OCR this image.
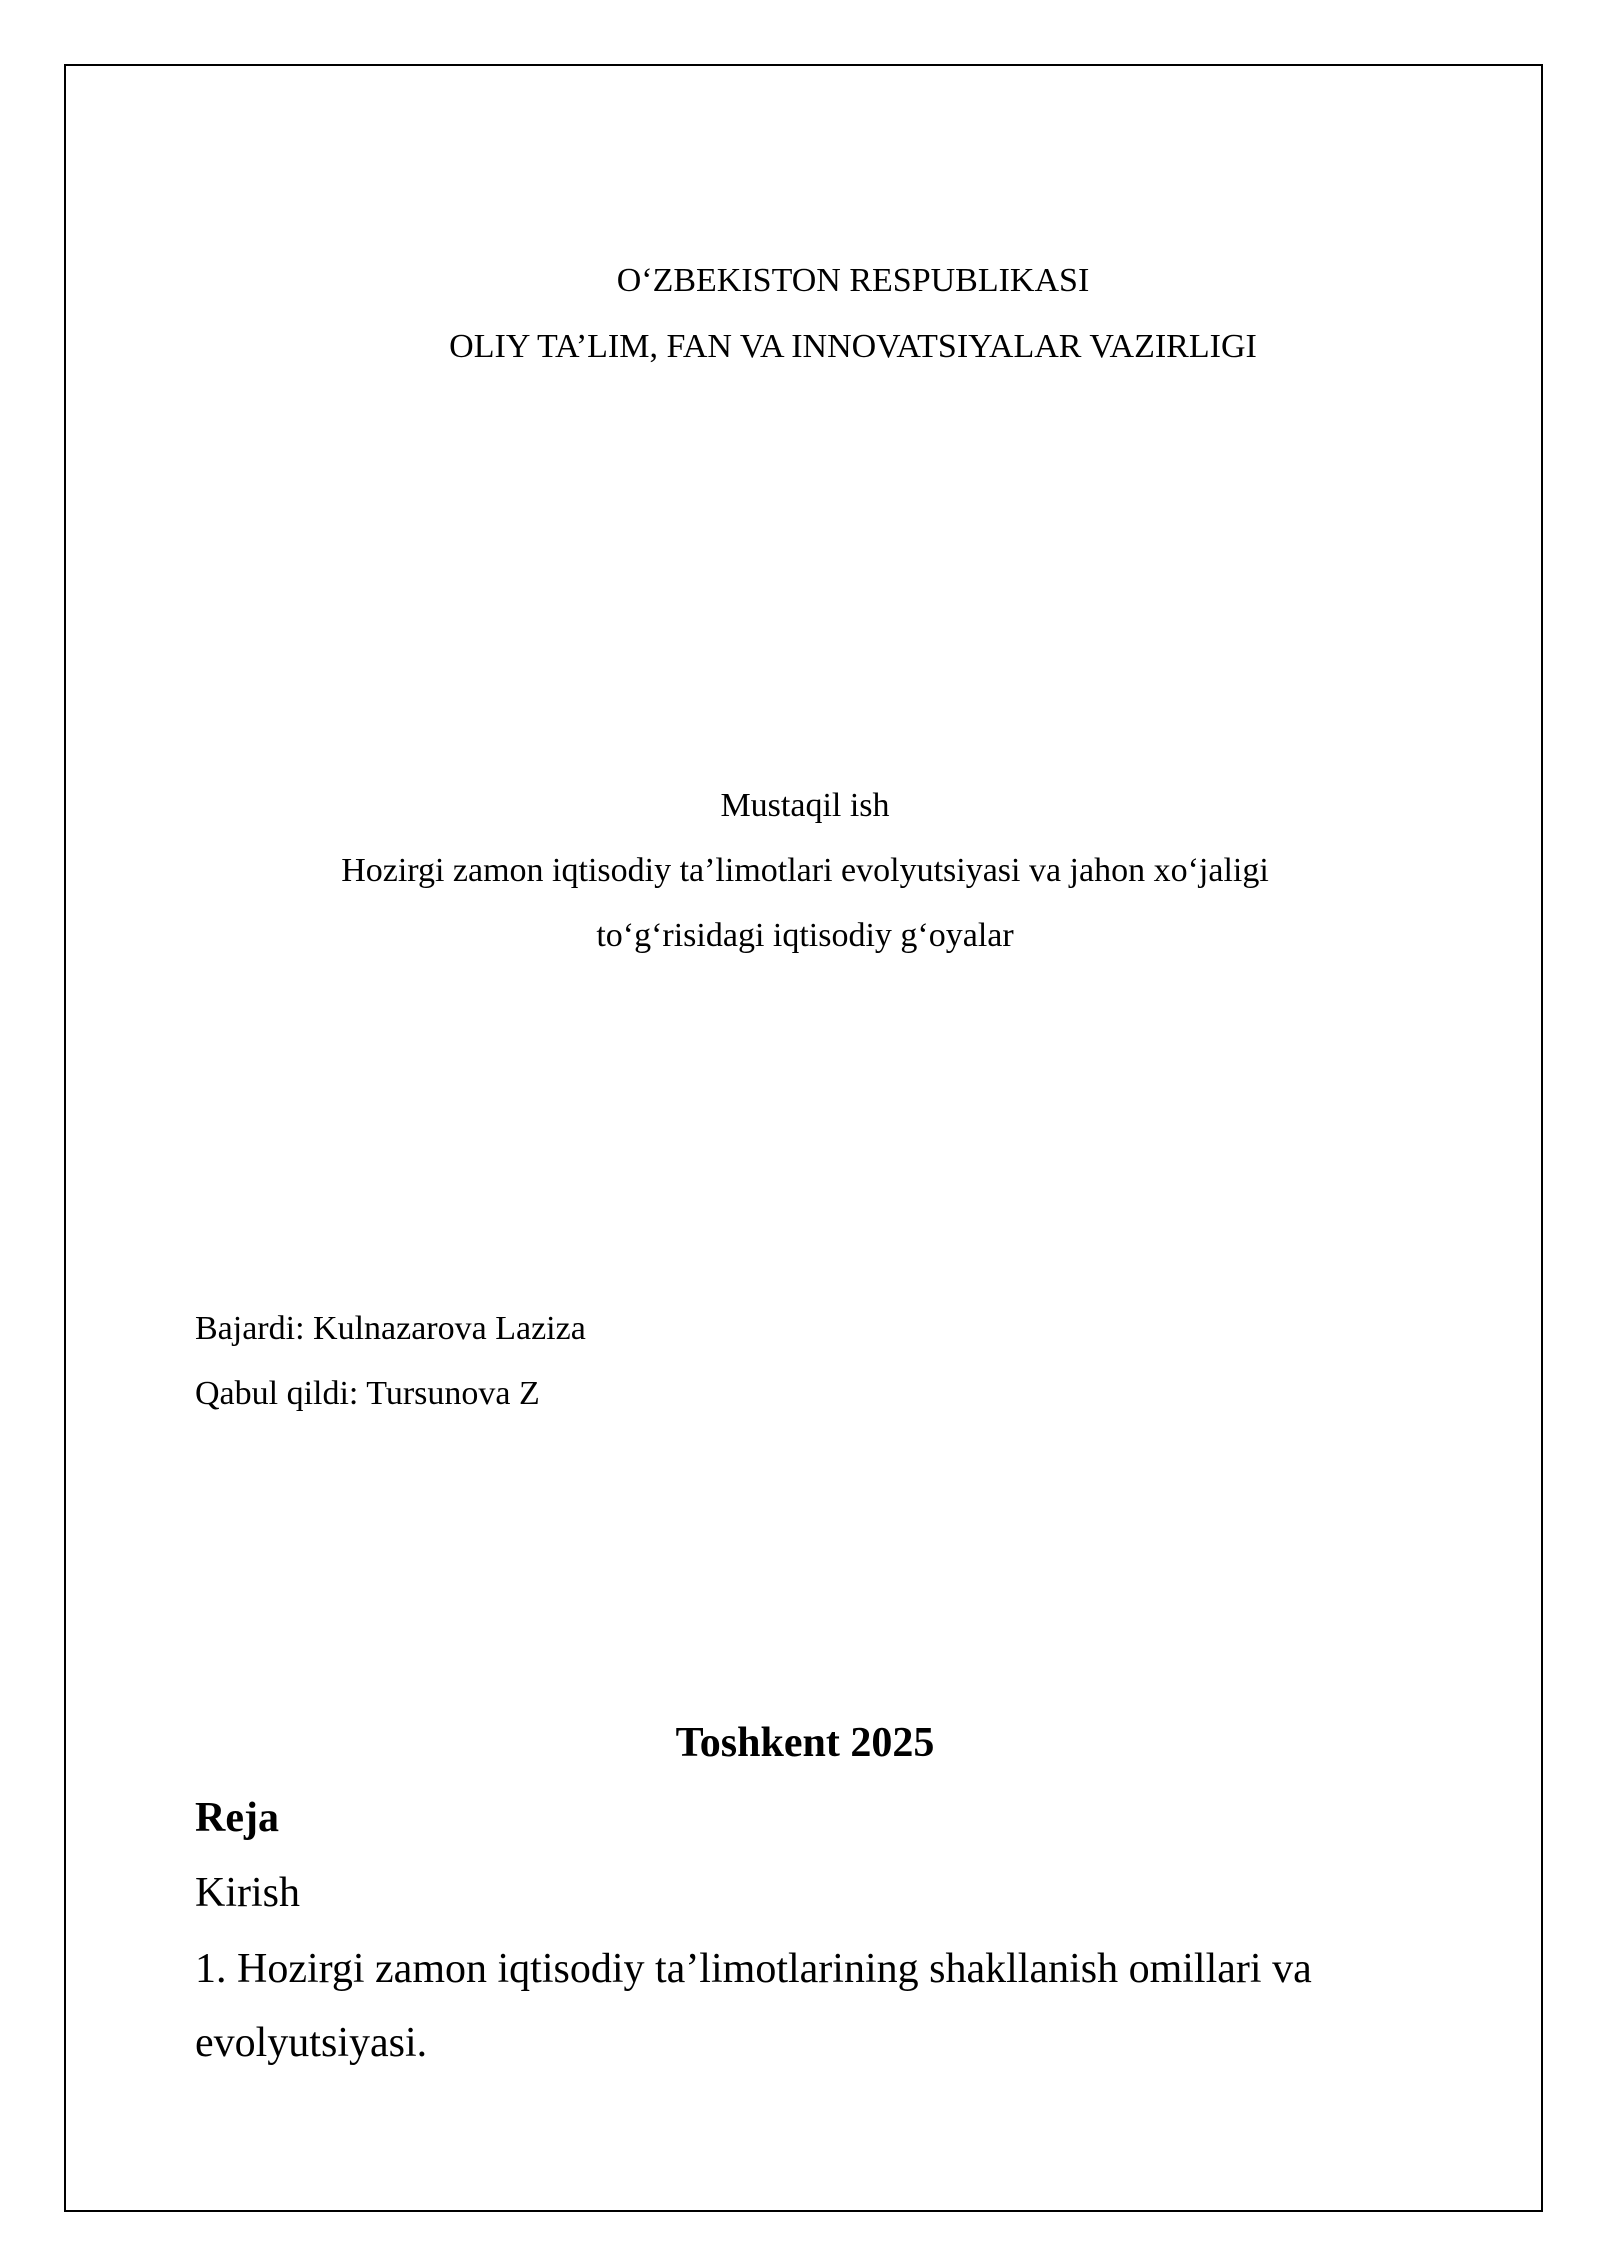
O‘ZBEKISTON RESPUBLIKASI
OLIY TA’LIM, FAN VA INNOVATSIYALAR VAZIRLIGI
Mustaqil ish
Hozirgi zamon iqtisodiy ta’limotlari evolyutsiyasi va jahon xo‘jaligi
to‘g‘risidagi iqtisodiy g‘oyalar
Bajardi: Kulnazarova Laziza
Qabul qildi: Tursunova Z
Toshkent 2025
Reja
Kirish
1. Hozirgi zamon iqtisodiy ta’limotlarining shakllanish omillari va
evolyutsiyasi.
